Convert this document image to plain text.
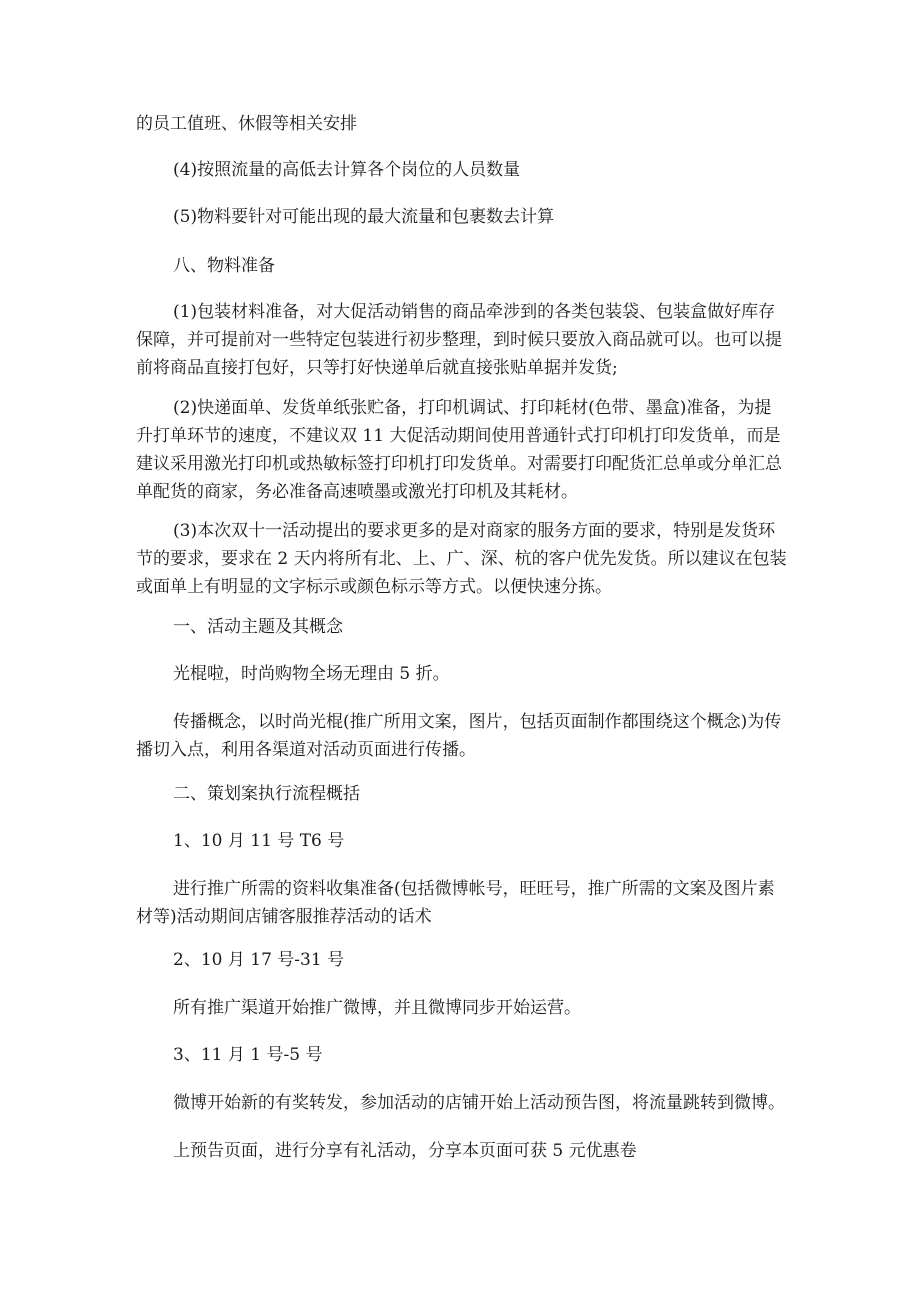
的员工值班、休假等相关安排

(4)按照流量的高低去计算各个岗位的人员数量

(5)物料要针对可能出现的最大流量和包裹数去计算

八、物料准备

(1)包装材料准备，对大促活动销售的商品牵涉到的各类包装袋、包装盒做好库存
保障，并可提前对一些特定包装进行初步整理，到时候只要放入商品就可以。也可以提
前将商品直接打包好，只等打好快递单后就直接张贴单据并发货;

(2)快递面单、发货单纸张贮备，打印机调试、打印耗材(色带、墨盒)准备，为提
升打单环节的速度，不建议双 11 大促活动期间使用普通针式打印机打印发货单，而是
建议采用激光打印机或热敏标签打印机打印发货单。对需要打印配货汇总单或分单汇总
单配货的商家，务必准备高速喷墨或激光打印机及其耗材。

(3)本次双十一活动提出的要求更多的是对商家的服务方面的要求，特别是发货环
节的要求，要求在 2 天内将所有北、上、广、深、杭的客户优先发货。所以建议在包装
或面单上有明显的文字标示或颜色标示等方式。以便快速分拣。

一、活动主题及其概念

光棍啦，时尚购物全场无理由 5 折。

传播概念，以时尚光棍(推广所用文案，图片，包括页面制作都围绕这个概念)为传
播切入点，利用各渠道对活动页面进行传播。

二、策划案执行流程概括

1、10 月 11 号 T6 号

进行推广所需的资料收集准备(包括微博帐号，旺旺号，推广所需的文案及图片素
材等)活动期间店铺客服推荐活动的话术

2、10 月 17 号-31 号

所有推广渠道开始推广微博，并且微博同步开始运营。

3、11 月 1 号-5 号

微博开始新的有奖转发，参加活动的店铺开始上活动预告图，将流量跳转到微博。

上预告页面，进行分享有礼活动，分享本页面可获 5 元优惠卷
